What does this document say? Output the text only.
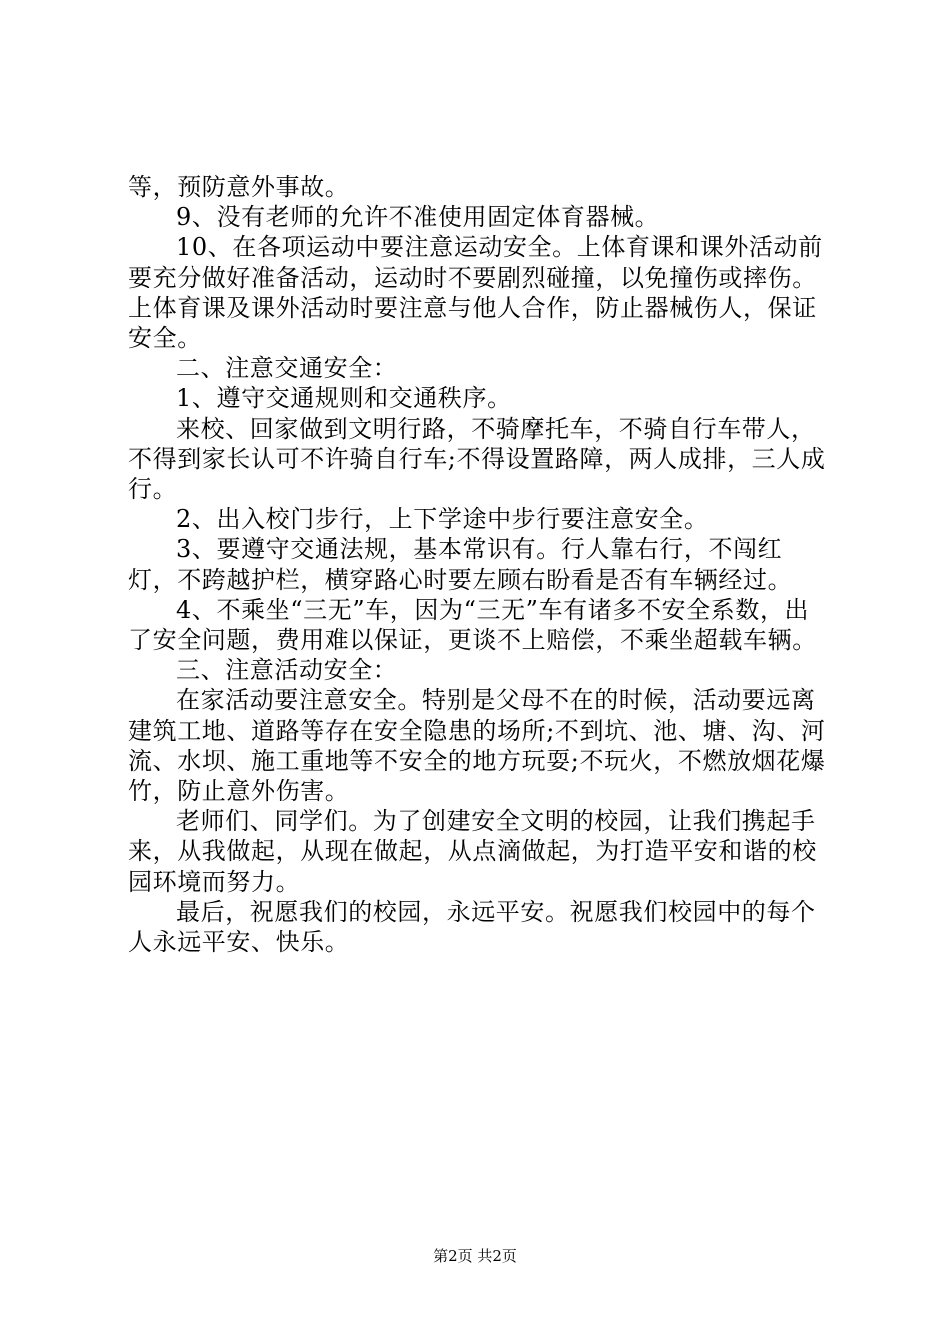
等，预防意外事故。

9、没有老师的允许不准使用固定体育器械。

10、在各项运动中要注意运动安全。上体育课和课外活动前要充分做好准备活动，运动时不要剧烈碰撞，以免撞伤或摔伤。上体育课及课外活动时要注意与他人合作，防止器械伤人，保证安全。

二、注意交通安全：

1、遵守交通规则和交通秩序。

来校、回家做到文明行路，不骑摩托车，不骑自行车带人，不得到家长认可不许骑自行车;不得设置路障，两人成排，三人成行。

2、出入校门步行，上下学途中步行要注意安全。

3、要遵守交通法规，基本常识有。行人靠右行，不闯红灯，不跨越护栏，横穿路心时要左顾右盼看是否有车辆经过。

4、不乘坐“三无”车，因为“三无”车有诸多不安全系数，出了安全问题，费用难以保证，更谈不上赔偿，不乘坐超载车辆。

三、注意活动安全：

在家活动要注意安全。特别是父母不在的时候，活动要远离建筑工地、道路等存在安全隐患的场所;不到坑、池、塘、沟、河流、水坝、施工重地等不安全的地方玩耍;不玩火，不燃放烟花爆竹，防止意外伤害。

老师们、同学们。为了创建安全文明的校园，让我们携起手来，从我做起，从现在做起，从点滴做起，为打造平安和谐的校园环境而努力。

最后，祝愿我们的校园，永远平安。祝愿我们校园中的每个人永远平安、快乐。

第2页 共2页
